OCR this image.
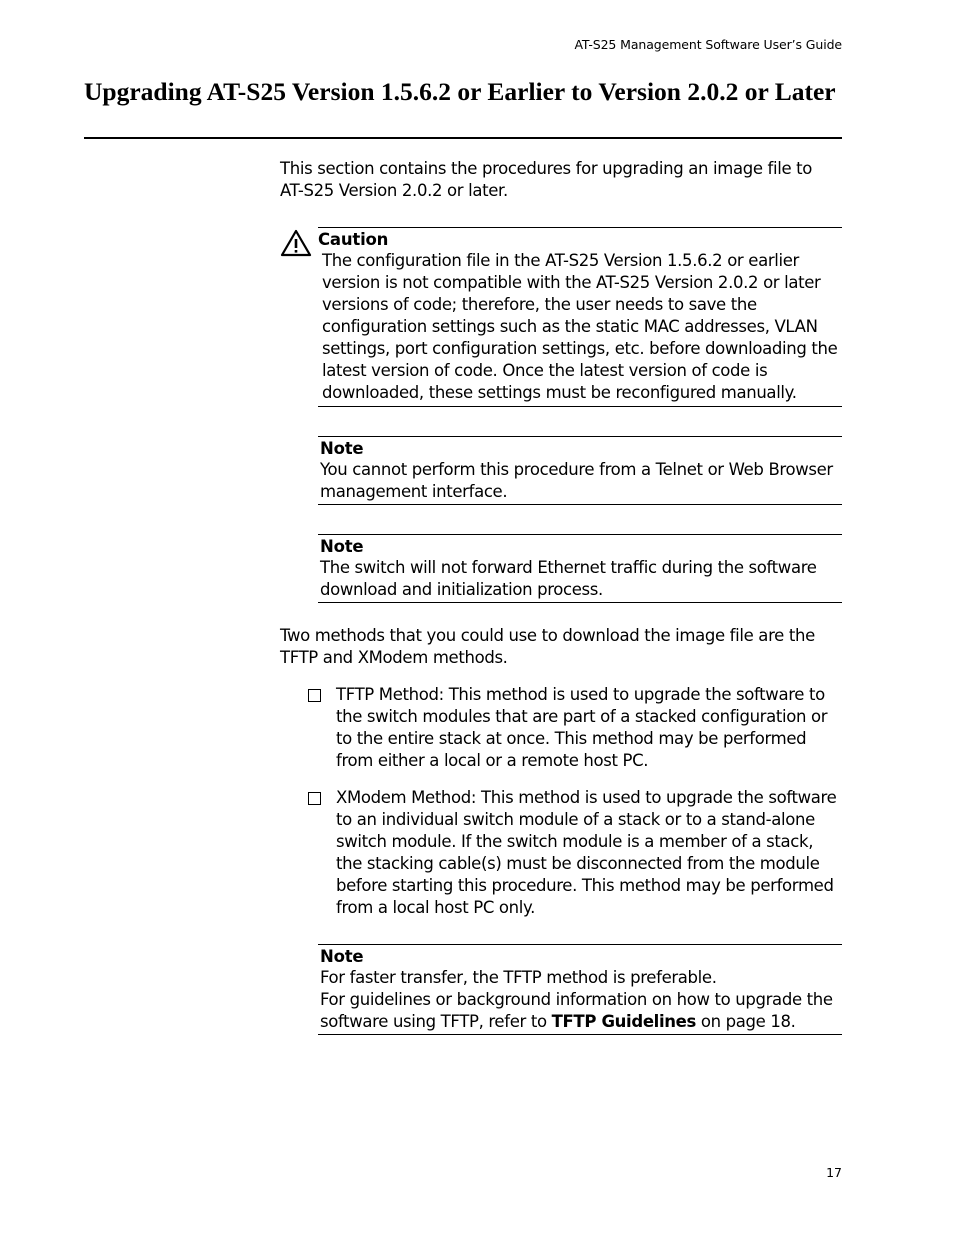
AT-S25 Management Software User’s Guide
Upgrading AT-S25 Version 1.5.6.2 or Earlier to Version 2.0.2 or Later
This section contains the procedures for upgrading an image file to AT-S25 Version 2.0.2 or later.
Caution
The configuration file in the AT-S25 Version 1.5.6.2 or earlier version is not compatible with the AT-S25 Version 2.0.2 or later versions of code; therefore, the user needs to save the configuration settings such as the static MAC addresses, VLAN settings, port configuration settings, etc. before downloading the latest version of code. Once the latest version of code is downloaded, these settings must be reconfigured manually.
Note
You cannot perform this procedure from a Telnet or Web Browser management interface.
Note
The switch will not forward Ethernet traffic during the software download and initialization process.
Two methods that you could use to download the image file are the TFTP and XModem methods.
TFTP Method: This method is used to upgrade the software to the switch modules that are part of a stacked configuration or to the entire stack at once. This method may be performed from either a local or a remote host PC.
XModem Method: This method is used to upgrade the software to an individual switch module of a stack or to a stand-alone switch module. If the switch module is a member of a stack, the stacking cable(s) must be disconnected from the module before starting this procedure. This method may be performed from a local host PC only.
Note
For faster transfer, the TFTP method is preferable.
For guidelines or background information on how to upgrade the software using TFTP, refer to TFTP Guidelines on page 18.
17
